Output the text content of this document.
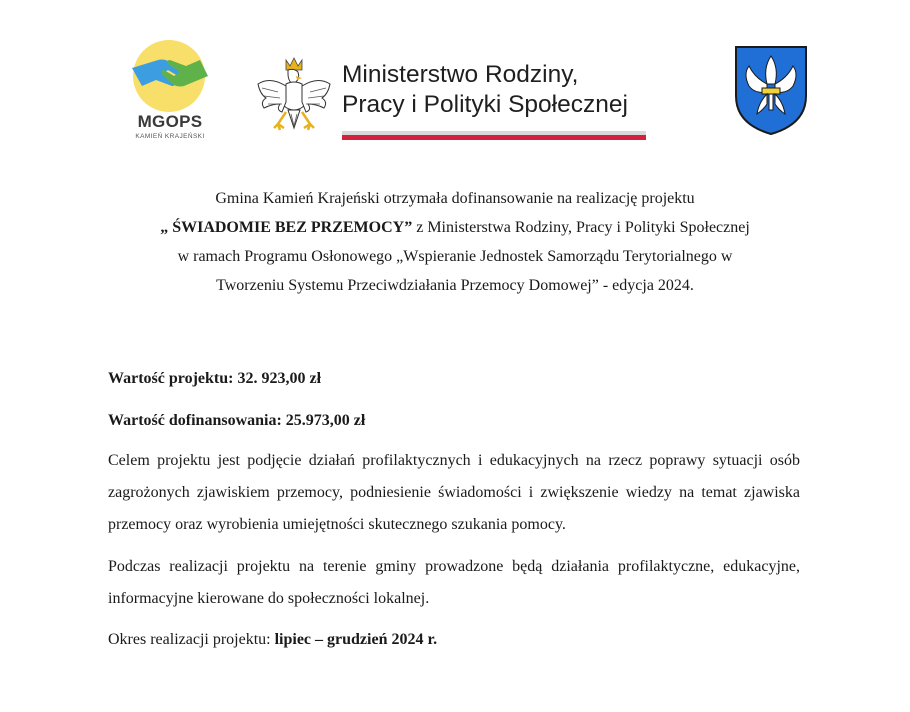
MGOPS
KAMIEŃ KRAJEŃSKI
Ministerstwo Rodziny,
Pracy i Polityki Społecznej

Gmina Kamień Krajeński otrzymała dofinansowanie na realizację projektu

„ ŚWIADOMIE BEZ PRZEMOCY” z Ministerstwa Rodziny, Pracy i Polityki Społecznej

w ramach Programu Osłonowego „Wspieranie Jednostek Samorządu Terytorialnego w

Tworzeniu Systemu Przeciwdziałania Przemocy Domowej” - edycja 2024.

Wartość projektu: 32. 923,00 zł

Wartość dofinansowania: 25.973,00 zł

Celem projektu jest podjęcie działań profilaktycznych i edukacyjnych na rzecz poprawy sytuacji osób zagrożonych zjawiskiem przemocy, podniesienie świadomości i zwiększenie wiedzy na temat zjawiska przemocy oraz wyrobienia umiejętności skutecznego szukania pomocy.

Podczas realizacji projektu na terenie gminy prowadzone będą działania profilaktyczne, edukacyjne, informacyjne kierowane do społeczności lokalnej.

Okres realizacji projektu: lipiec – grudzień 2024 r.
